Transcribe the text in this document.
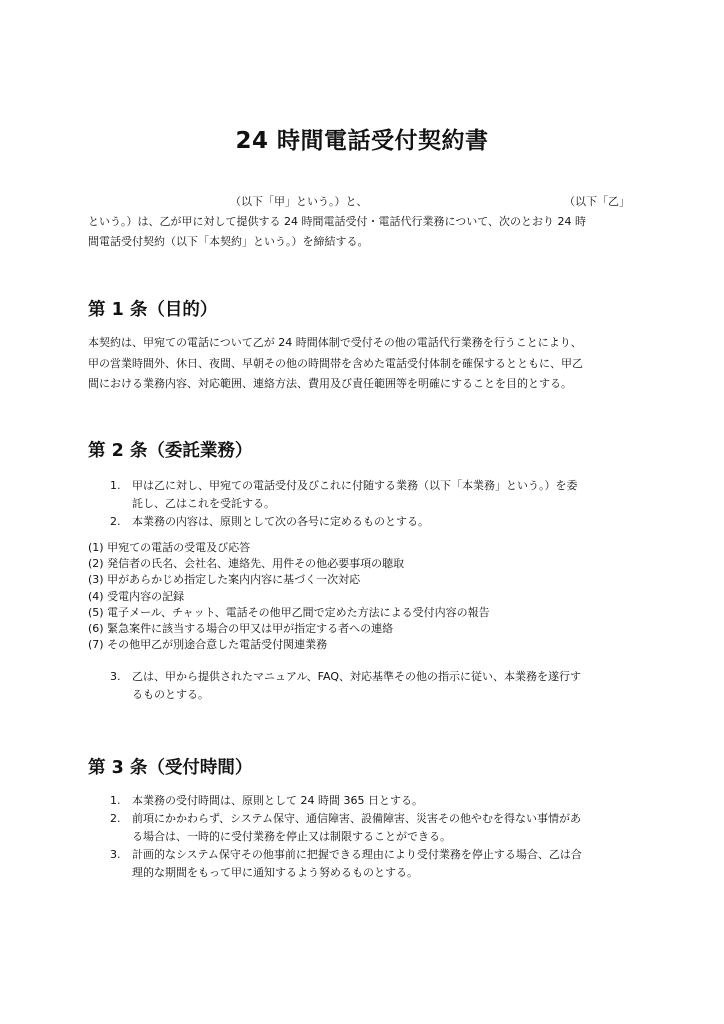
24 時間電話受付契約書
（以下「甲」という。）と、	（以下「乙」
という。）は、乙が甲に対して提供する 24 時間電話受付・電話代行業務について、次のとおり 24 時
間電話受付契約（以下「本契約」という。）を締結する。
第 1 条（目的）
本契約は、甲宛ての電話について乙が 24 時間体制で受付その他の電話代行業務を行うことにより、
甲の営業時間外、休日、夜間、早朝その他の時間帯を含めた電話受付体制を確保するとともに、甲乙
間における業務内容、対応範囲、連絡方法、費用及び責任範囲等を明確にすることを目的とする。
第 2 条（委託業務）
1. 甲は乙に対し、甲宛ての電話受付及びこれに付随する業務（以下「本業務」という。）を委
託し、乙はこれを受託する。
2. 本業務の内容は、原則として次の各号に定めるものとする。
(1) 甲宛ての電話の受電及び応答
(2) 発信者の氏名、会社名、連絡先、用件その他必要事項の聴取
(3) 甲があらかじめ指定した案内内容に基づく一次対応
(4) 受電内容の記録
(5) 電子メール、チャット、電話その他甲乙間で定めた方法による受付内容の報告
(6) 緊急案件に該当する場合の甲又は甲が指定する者への連絡
(7) その他甲乙が別途合意した電話受付関連業務
3. 乙は、甲から提供されたマニュアル、FAQ、対応基準その他の指示に従い、本業務を遂行す
るものとする。
第 3 条（受付時間）
1. 本業務の受付時間は、原則として 24 時間 365 日とする。
2. 前項にかかわらず、システム保守、通信障害、設備障害、災害その他やむを得ない事情があ
る場合は、一時的に受付業務を停止又は制限することができる。
3. 計画的なシステム保守その他事前に把握できる理由により受付業務を停止する場合、乙は合
理的な期間をもって甲に通知するよう努めるものとする。
